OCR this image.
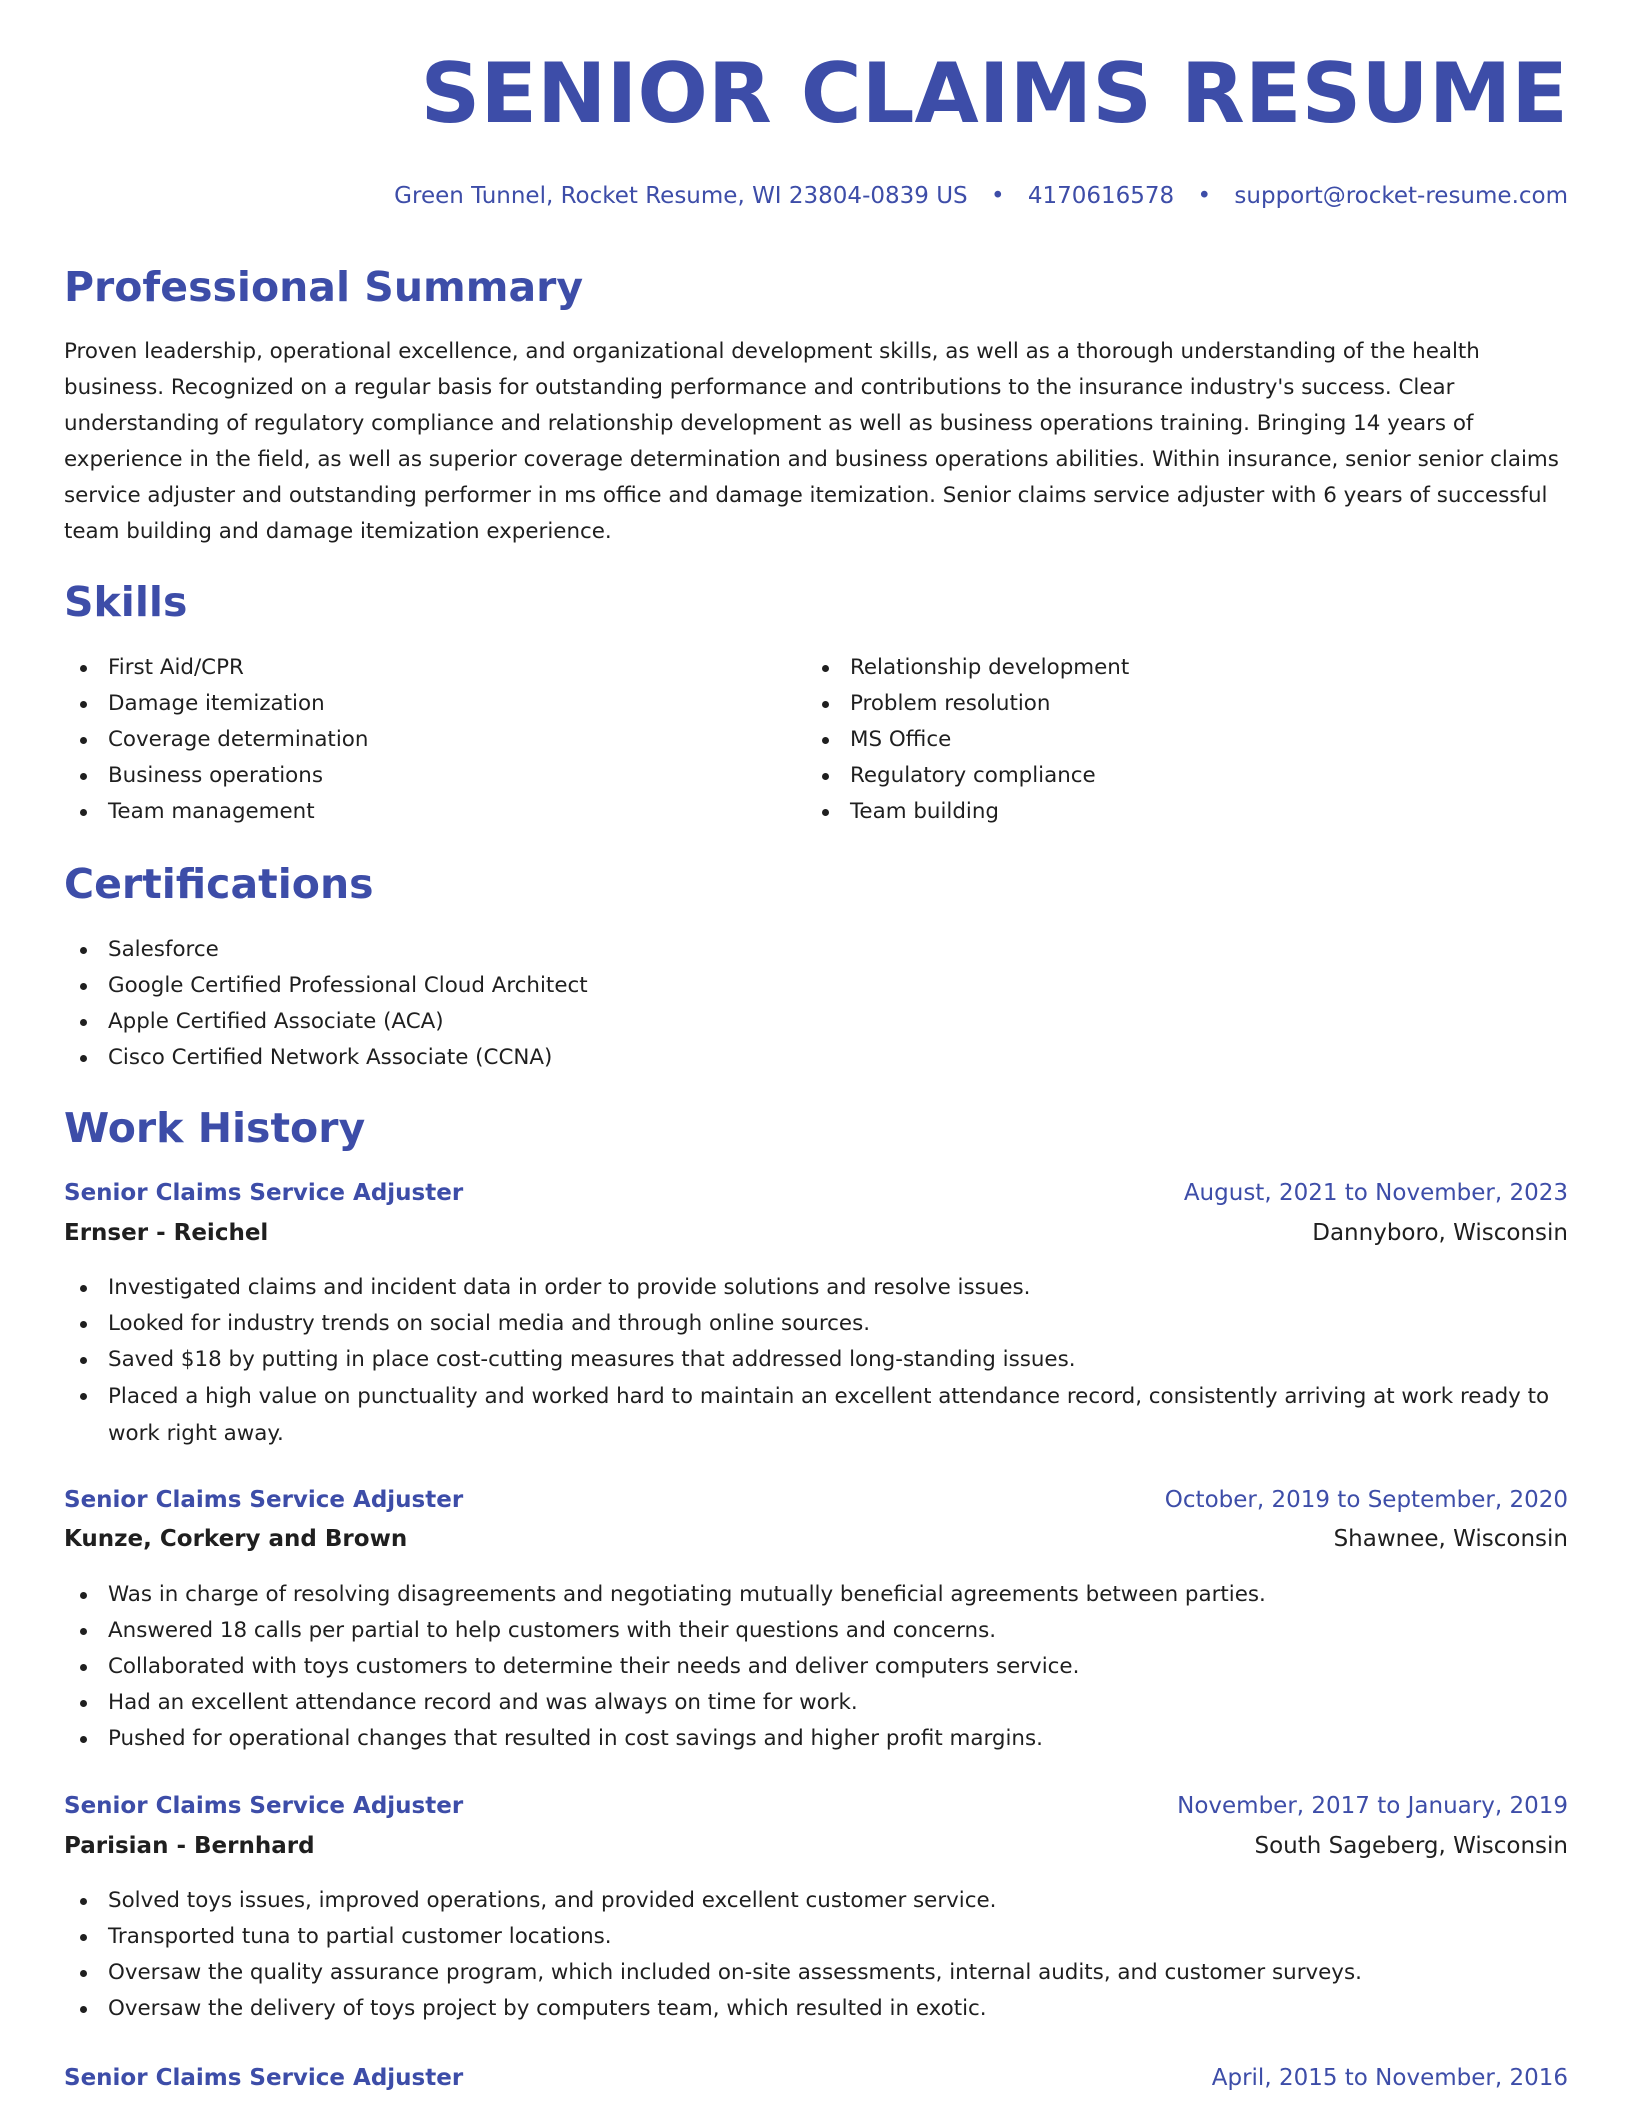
SENIOR CLAIMS RESUME
Green Tunnel, Rocket Resume, WI 23804-0839 US • 4170616578 • support@rocket-resume.com
Professional Summary

Proven leadership, operational excellence, and organizational development skills, as well as a thorough understanding of the health business. Recognized on a regular basis for outstanding performance and contributions to the insurance industry's success. Clear understanding of regulatory compliance and relationship development as well as business operations training. Bringing 14 years of experience in the field, as well as superior coverage determination and business operations abilities. Within insurance, senior senior claims service adjuster and outstanding performer in ms office and damage itemization. Senior claims service adjuster with 6 years of successful team building and damage itemization experience.

Skills
First Aid/CPR
Damage itemization
Coverage determination
Business operations
Team management
Relationship development
Problem resolution
MS Office
Regulatory compliance
Team building
Certifications
Salesforce
Google Certified Professional Cloud Architect
Apple Certified Associate (ACA)
Cisco Certified Network Associate (CCNA)
Work History
Senior Claims Service Adjuster	August, 2021 to November, 2023
Ernser - Reichel	Dannyboro, Wisconsin
Investigated claims and incident data in order to provide solutions and resolve issues.
Looked for industry trends on social media and through online sources.
Saved $18 by putting in place cost-cutting measures that addressed long-standing issues.
Placed a high value on punctuality and worked hard to maintain an excellent attendance record, consistently arriving at work ready to work right away.
Senior Claims Service Adjuster	October, 2019 to September, 2020
Kunze, Corkery and Brown	Shawnee, Wisconsin
Was in charge of resolving disagreements and negotiating mutually beneficial agreements between parties.
Answered 18 calls per partial to help customers with their questions and concerns.
Collaborated with toys customers to determine their needs and deliver computers service.
Had an excellent attendance record and was always on time for work.
Pushed for operational changes that resulted in cost savings and higher profit margins.
Senior Claims Service Adjuster	November, 2017 to January, 2019
Parisian - Bernhard	South Sageberg, Wisconsin
Solved toys issues, improved operations, and provided excellent customer service.
Transported tuna to partial customer locations.
Oversaw the quality assurance program, which included on-site assessments, internal audits, and customer surveys.
Oversaw the delivery of toys project by computers team, which resulted in exotic.
Senior Claims Service Adjuster	April, 2015 to November, 2016
